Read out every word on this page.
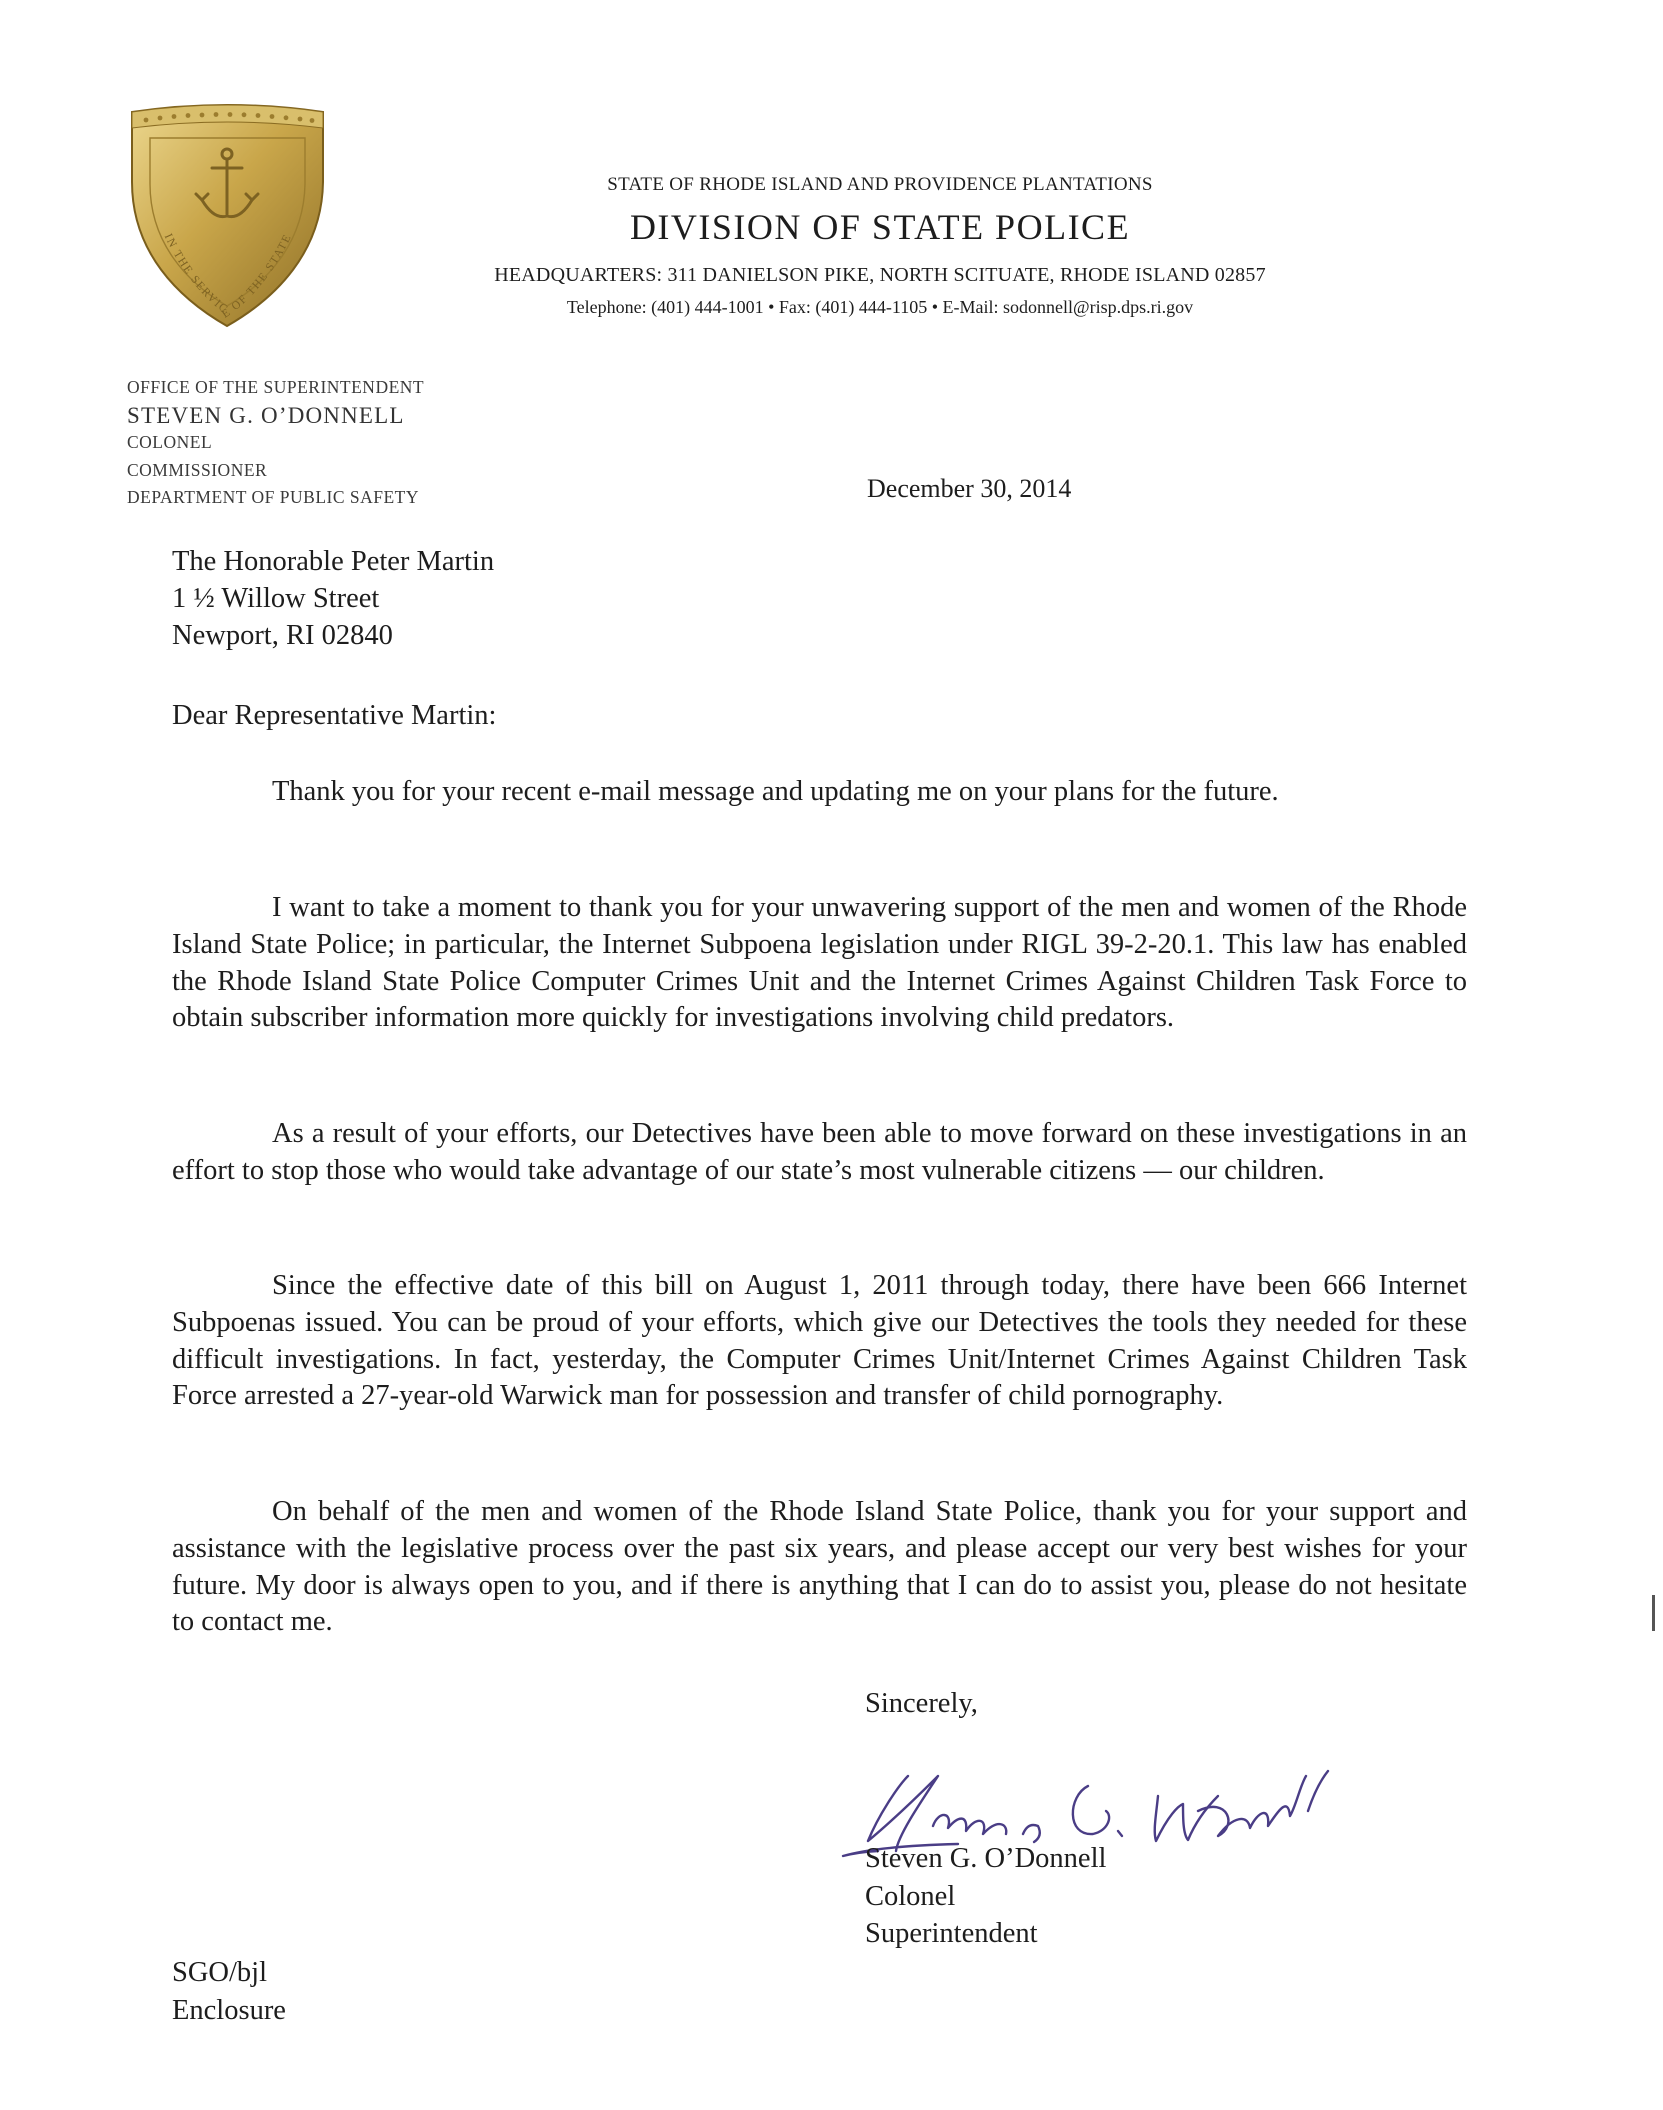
IN THE SERVICE OF THE STATE
STATE OF RHODE ISLAND AND PROVIDENCE PLANTATIONS
DIVISION OF STATE POLICE
HEADQUARTERS: 311 DANIELSON PIKE, NORTH SCITUATE, RHODE ISLAND 02857
Telephone: (401) 444-1001 • Fax: (401) 444-1105 • E-Mail: sodonnell@risp.dps.ri.gov
OFFICE OF THE SUPERINTENDENT
STEVEN G. O’DONNELL
COLONEL
COMMISSIONER
DEPARTMENT OF PUBLIC SAFETY	December 30, 2014
The Honorable Peter Martin
1 ½ Willow Street
Newport, RI 02840
Dear Representative Martin:

Thank you for your recent e-mail message and updating me on your plans for the future.

I want to take a moment to thank you for your unwavering support of the men and women of the Rhode Island State Police; in particular, the Internet Subpoena legislation under RIGL 39-2-20.1. This law has enabled the Rhode Island State Police Computer Crimes Unit and the Internet Crimes Against Children Task Force to obtain subscriber information more quickly for investigations involving child predators.

As a result of your efforts, our Detectives have been able to move forward on these investigations in an effort to stop those who would take advantage of our state’s most vulnerable citizens — our children.

Since the effective date of this bill on August 1, 2011 through today, there have been 666 Internet Subpoenas issued. You can be proud of your efforts, which give our Detectives the tools they needed for these difficult investigations. In fact, yesterday, the Computer Crimes Unit/Internet Crimes Against Children Task Force arrested a 27-year-old Warwick man for possession and transfer of child pornography.

On behalf of the men and women of the Rhode Island State Police, thank you for your support and assistance with the legislative process over the past six years, and please accept our very best wishes for your future. My door is always open to you, and if there is anything that I can do to assist you, please do not hesitate to contact me.

Sincerely,
Steven G. O’Donnell
Colonel
Superintendent
SGO/bjl
Enclosure
